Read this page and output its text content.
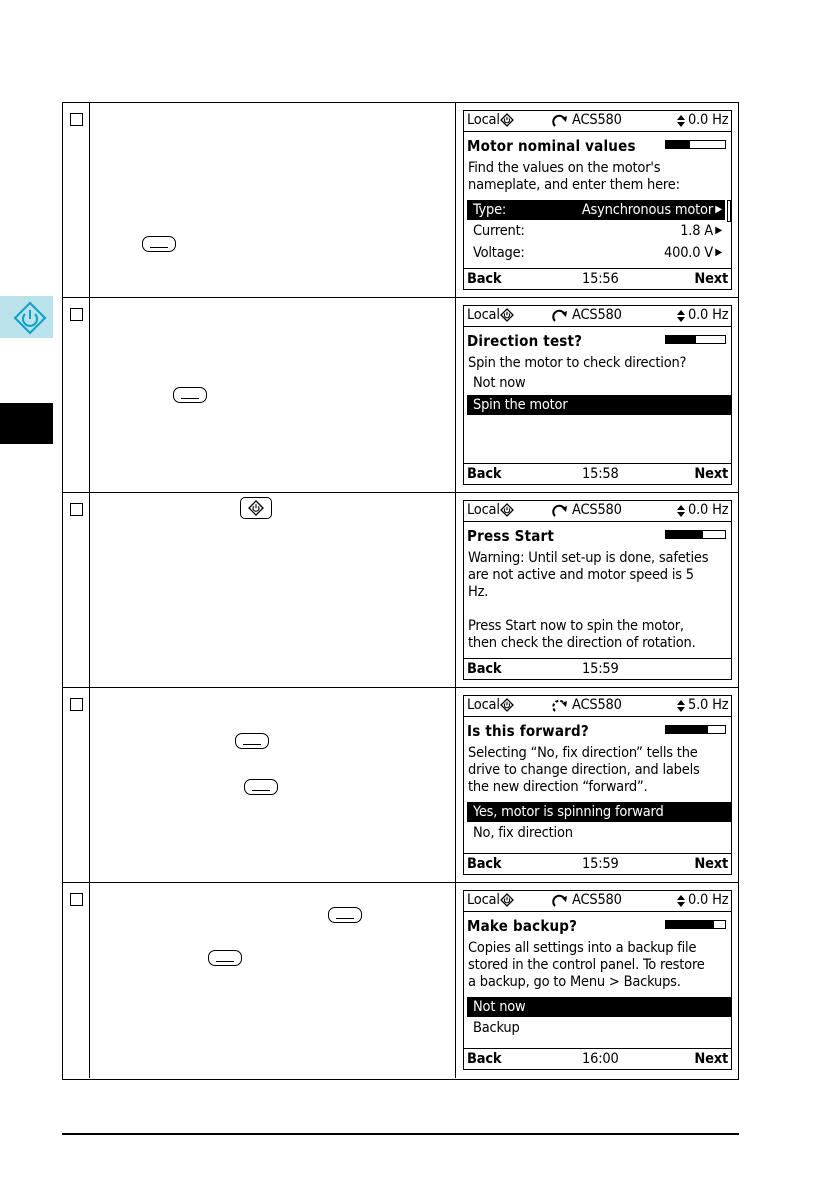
Local	ACS580	0.0 Hz
Motor nominal values
Find the values on the motor's
nameplate, and enter them here:
Type:	Asynchronous motor ▶
Current:	1.8 A ▶
Voltage:	400.0 V ▶
Back	15:56	Next
Local	ACS580	0.0 Hz
Direction test?
Spin the motor to check direction?
Not now
Spin the motor
Back	15:58	Next
Local	ACS580	0.0 Hz
Press Start
Warning: Until set-up is done, safeties
are not active and motor speed is 5
Hz.

Press Start now to spin the motor,
then check the direction of rotation.
Back	15:59
Local	ACS580	5.0 Hz
Is this forward?
Selecting “No, fix direction” tells the
drive to change direction, and labels
the new direction “forward”.
Yes, motor is spinning forward
No, fix direction
Back	15:59	Next
Local	ACS580	0.0 Hz
Make backup?
Copies all settings into a backup file
stored in the control panel. To restore
a backup, go to Menu > Backups.
Not now
Backup
Back	16:00	Next
